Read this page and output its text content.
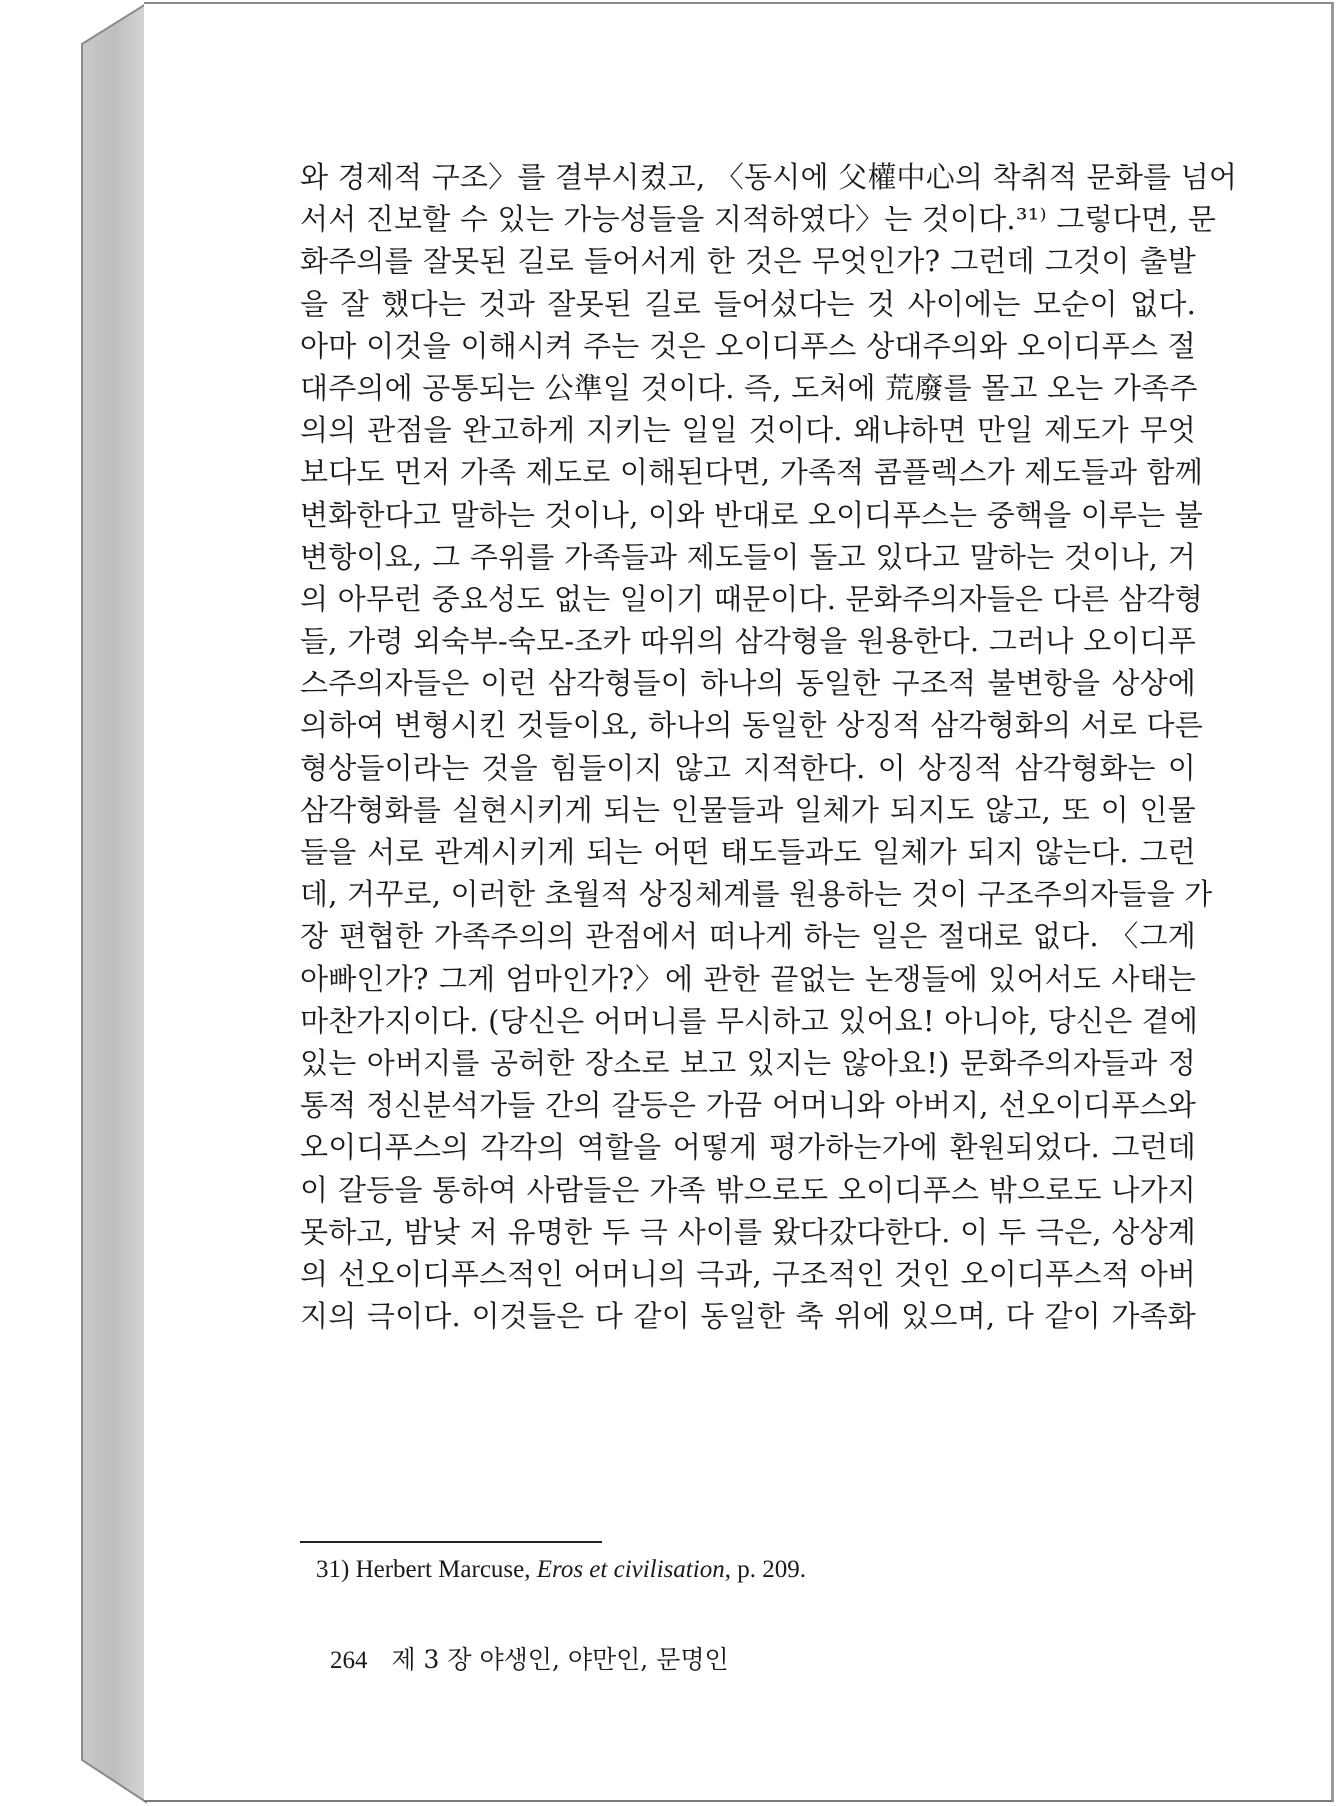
와 경제적 구조〉를 결부시켰고, 〈동시에 父權中心의 착취적 문화를 넘어
서서 진보할 수 있는 가능성들을 지적하였다〉는 것이다.³¹⁾ 그렇다면, 문
화주의를 잘못된 길로 들어서게 한 것은 무엇인가? 그런데 그것이 출발
을 잘 했다는 것과 잘못된 길로 들어섰다는 것 사이에는 모순이 없다.
아마 이것을 이해시켜 주는 것은 오이디푸스 상대주의와 오이디푸스 절
대주의에 공통되는 公準일 것이다. 즉, 도처에 荒廢를 몰고 오는 가족주
의의 관점을 완고하게 지키는 일일 것이다. 왜냐하면 만일 제도가 무엇
보다도 먼저 가족 제도로 이해된다면, 가족적 콤플렉스가 제도들과 함께
변화한다고 말하는 것이나, 이와 반대로 오이디푸스는 중핵을 이루는 불
변항이요, 그 주위를 가족들과 제도들이 돌고 있다고 말하는 것이나, 거
의 아무런 중요성도 없는 일이기 때문이다. 문화주의자들은 다른 삼각형
들, 가령 외숙부-숙모-조카 따위의 삼각형을 원용한다. 그러나 오이디푸
스주의자들은 이런 삼각형들이 하나의 동일한 구조적 불변항을 상상에
의하여 변형시킨 것들이요, 하나의 동일한 상징적 삼각형화의 서로 다른
형상들이라는 것을 힘들이지 않고 지적한다. 이 상징적 삼각형화는 이
삼각형화를 실현시키게 되는 인물들과 일체가 되지도 않고, 또 이 인물
들을 서로 관계시키게 되는 어떤 태도들과도 일체가 되지 않는다. 그런
데, 거꾸로, 이러한 초월적 상징체계를 원용하는 것이 구조주의자들을 가
장 편협한 가족주의의 관점에서 떠나게 하는 일은 절대로 없다. 〈그게
아빠인가? 그게 엄마인가?〉에 관한 끝없는 논쟁들에 있어서도 사태는
마찬가지이다. (당신은 어머니를 무시하고 있어요! 아니야, 당신은 곁에
있는 아버지를 공허한 장소로 보고 있지는 않아요!) 문화주의자들과 정
통적 정신분석가들 간의 갈등은 가끔 어머니와 아버지, 선오이디푸스와
오이디푸스의 각각의 역할을 어떻게 평가하는가에 환원되었다. 그런데
이 갈등을 통하여 사람들은 가족 밖으로도 오이디푸스 밖으로도 나가지
못하고, 밤낮 저 유명한 두 극 사이를 왔다갔다한다. 이 두 극은, 상상계
의 선오이디푸스적인 어머니의 극과, 구조적인 것인 오이디푸스적 아버
지의 극이다. 이것들은 다 같이 동일한 축 위에 있으며, 다 같이 가족화
31) Herbert Marcuse, Eros et civilisation, p. 209.
264 제 3 장 야생인, 야만인, 문명인
